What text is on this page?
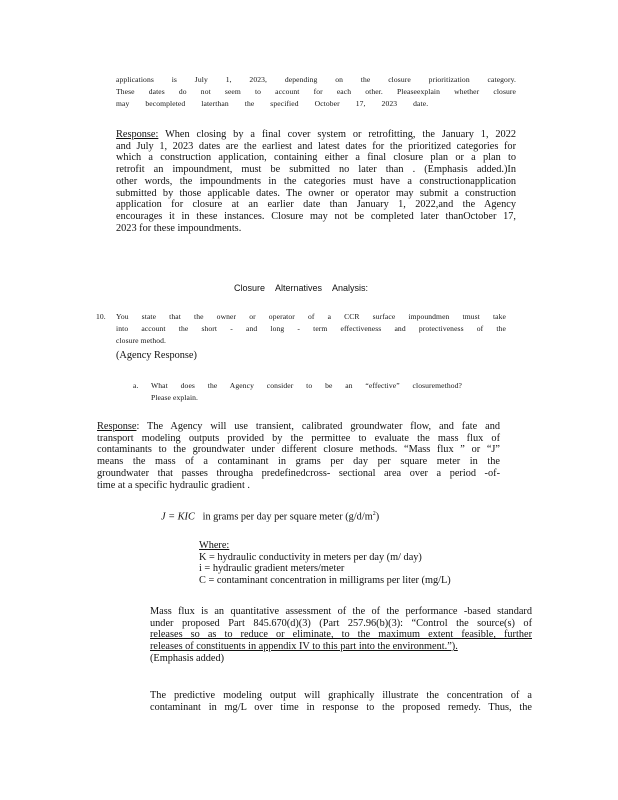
applications is July 1, 2023, depending on the closure prioritization category.
These dates do not seem to account for each other. Pleaseexplain whether closure
may becompleted laterthan the specified October 17, 2023 date.
Response: When closing by a final cover system or retrofitting, the January 1, 2022
and July 1, 2023 dates are the earliest and latest dates for the prioritized categories for
which a construction application, containing either a final closure plan or a plan to
retrofit an impoundment, must be submitted no later than . (Emphasis added.)In
other words, the impoundments in the categories must have a constructionapplication
submitted by those applicable dates. The owner or operator may submit a construction
application for closure at an earlier date than January 1, 2022,and the Agency
encourages it in these instances. Closure may not be completed later thanOctober 17,
2023 for these impoundments.
Closure Alternatives Analysis:
10. You state that the owner or operator of a CCR surface impoundmen tmust take
into account the short - and long - term effectiveness and protectiveness of the
closure method.
(Agency Response)
a. What does the Agency consider to be an “effective” closuremethod?
Please explain.
Response: The Agency will use transient, calibrated groundwater flow, and fate and
transport modeling outputs provided by the permittee to evaluate the mass flux of
contaminants to the groundwater under different closure methods. “Mass flux ” or “J”
means the mass of a contaminant in grams per day per square meter in the
groundwater that passes througha predefinedcross- sectional area over a period -of-
time at a specific hydraulic gradient .
J = KIC in grams per day per square meter $(g/d/m^2)$
Where:
K = hydraulic conductivity in meters per day (m/ day)
i = hydraulic gradient meters/meter
C = contaminant concentration in milligrams per liter (mg/L)
Mass flux is an quantitative assessment of the of the performance -based standard
under proposed Part 845.670(d)(3) (Part 257.96(b)(3): “Control the source(s) of
releases so as to reduce or eliminate, to the maximum extent feasible, further
releases of constituents in appendix IV to this part into the environment.”).
(Emphasis added)
The predictive modeling output will graphically illustrate the concentration of a
contaminant in mg/L over time in response to the proposed remedy. Thus, the
